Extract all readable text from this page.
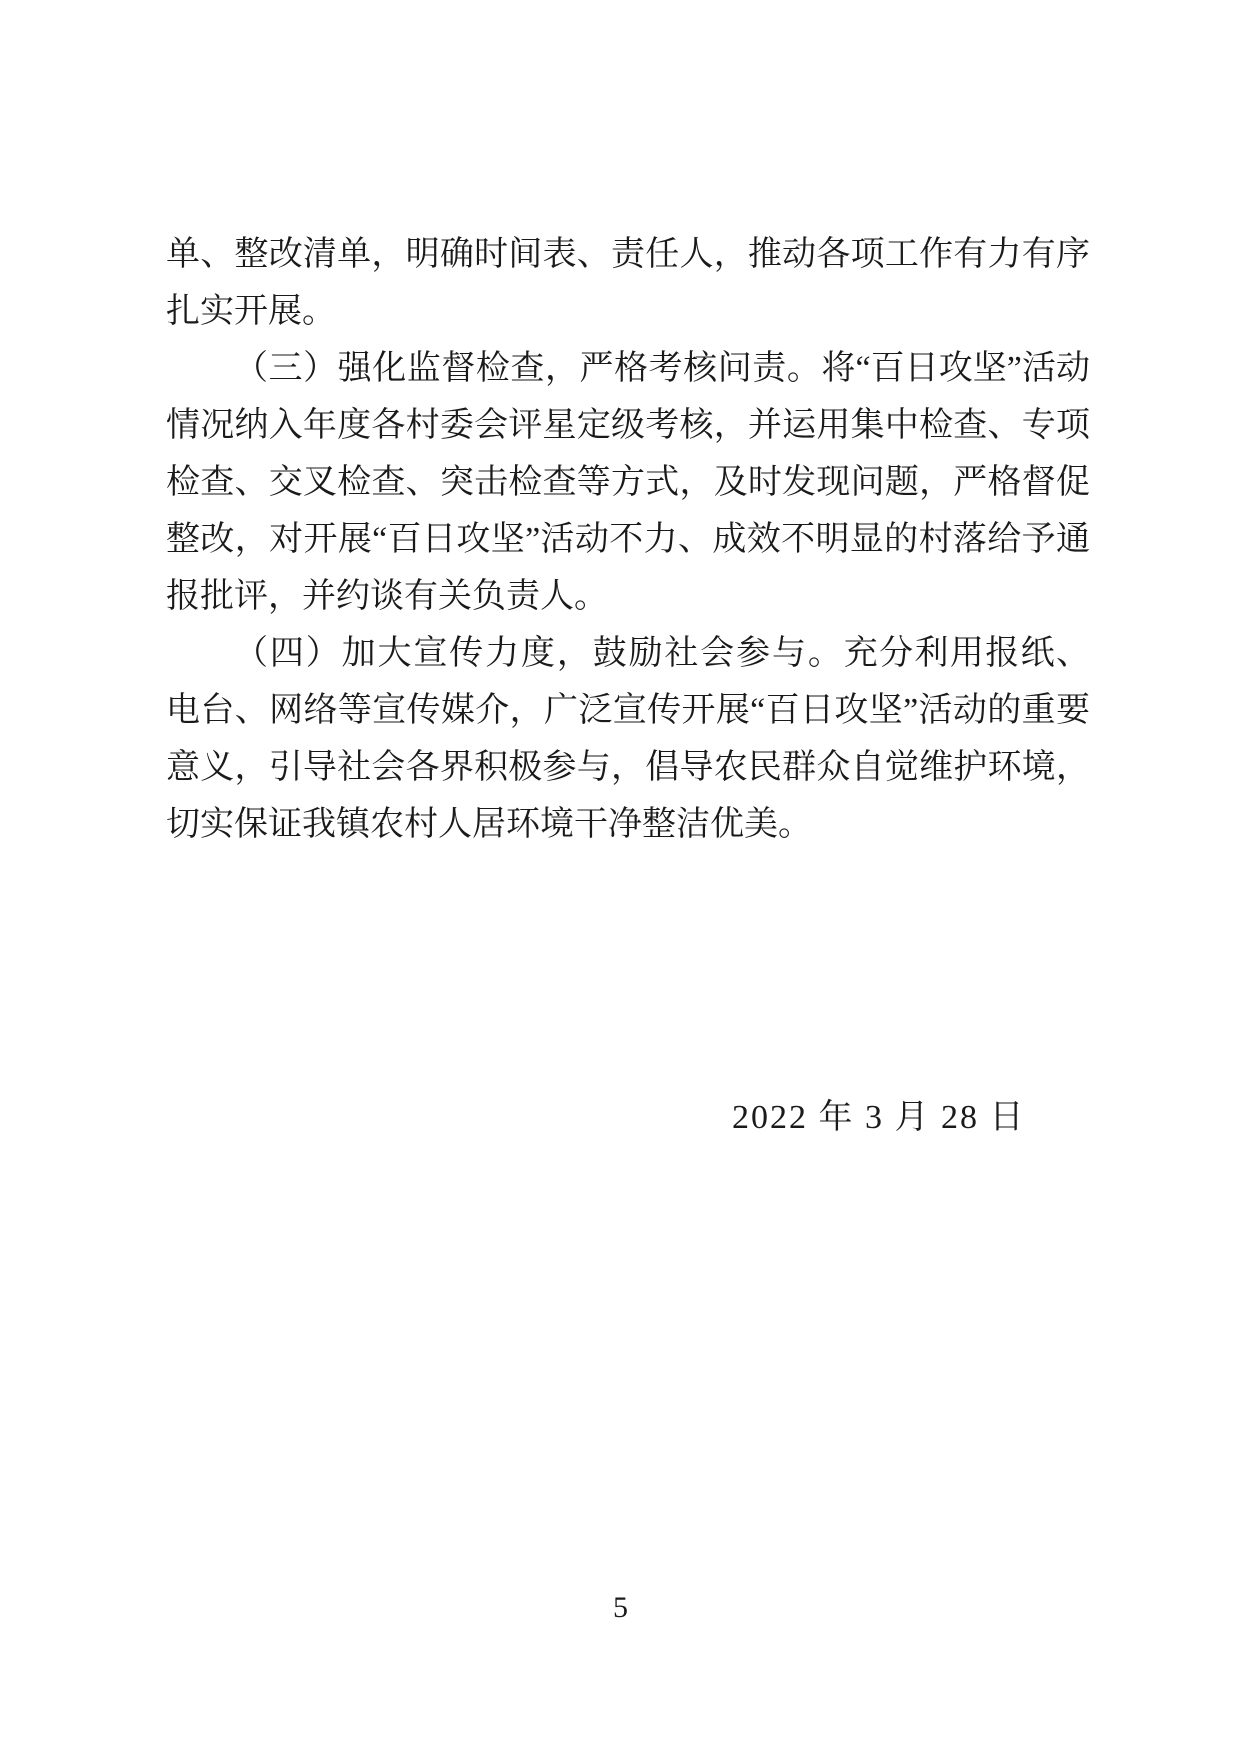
单、整改清单，明确时间表、责任人，推动各项工作有力有序扎实开展。

（三）强化监督检查，严格考核问责。将“百日攻坚”活动情况纳入年度各村委会评星定级考核，并运用集中检查、专项检查、交叉检查、突击检查等方式，及时发现问题，严格督促整改，对开展“百日攻坚”活动不力、成效不明显的村落给予通报批评，并约谈有关负责人。

（四）加大宣传力度，鼓励社会参与。充分利用报纸、电台、网络等宣传媒介，广泛宣传开展“百日攻坚”活动的重要意义，引导社会各界积极参与，倡导农民群众自觉维护环境，切实保证我镇农村人居环境干净整洁优美。

2022 年 3 月 28 日
5
